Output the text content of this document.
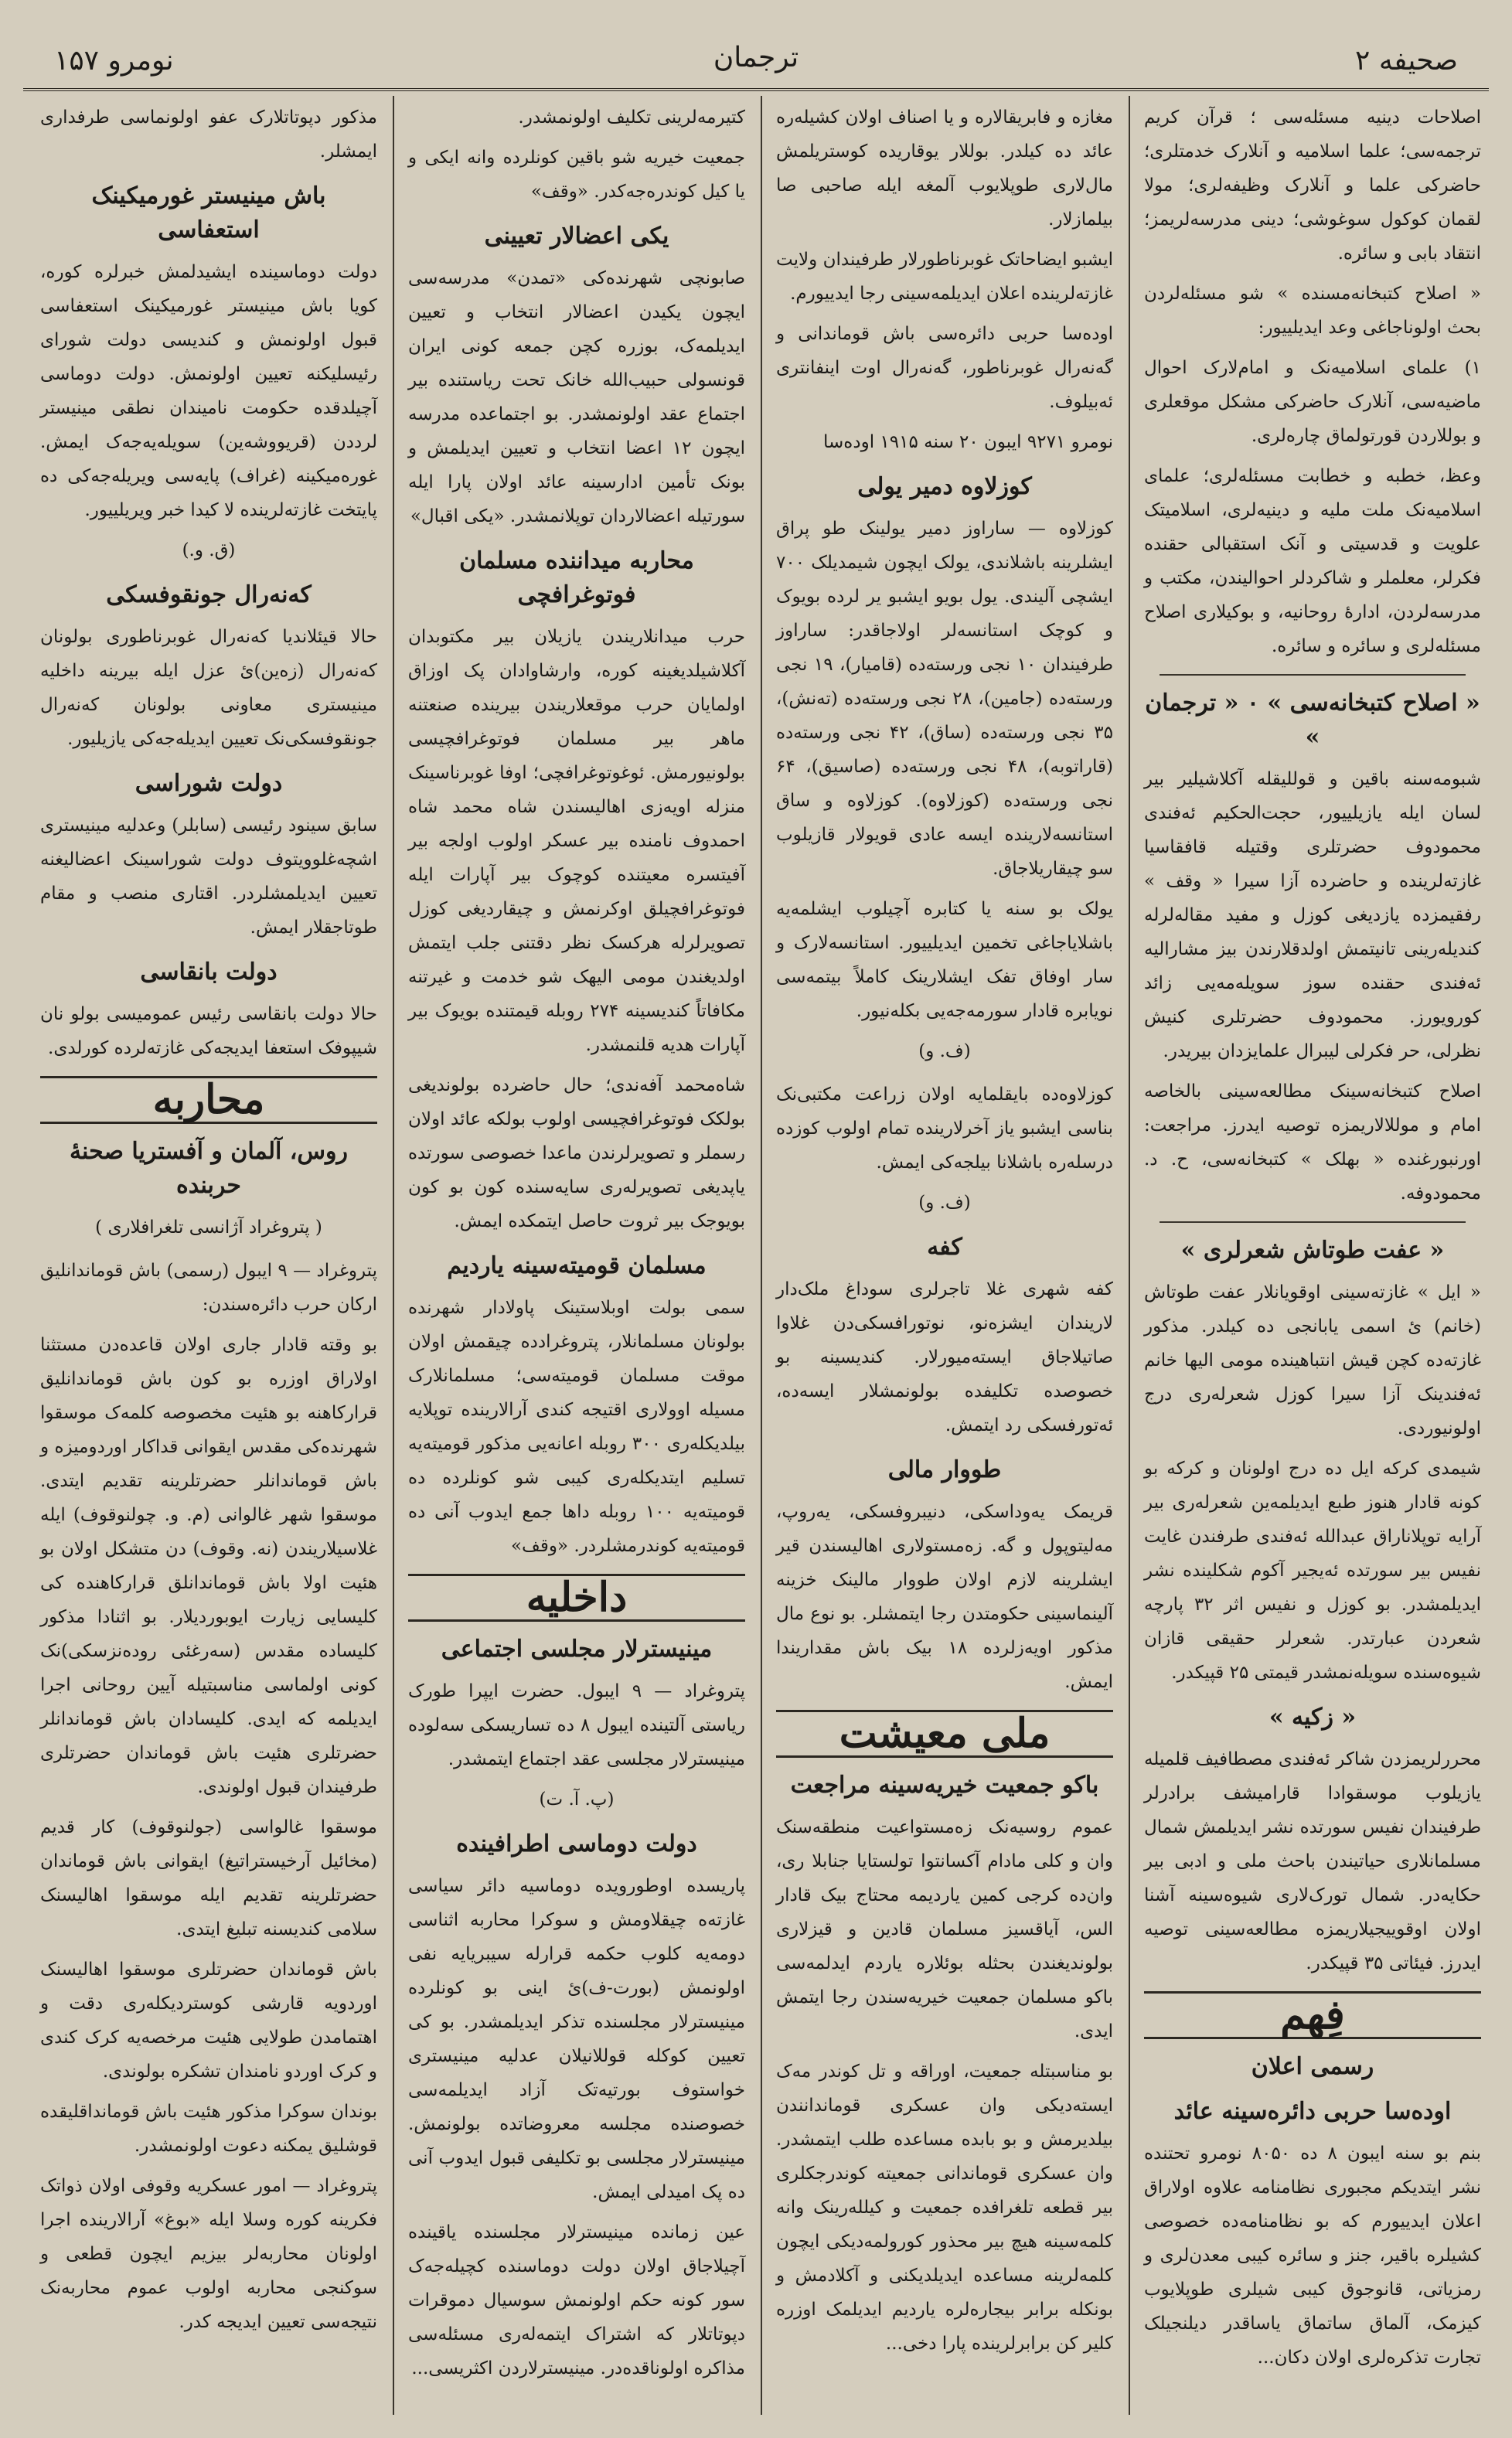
نومرو ۱۵۷	ترجمان	صحیفه ۲

اصلاحات دینیه مسئله‌سی ؛ قرآن کریم ترجمه‌سی؛ علما اسلامیه و آنلارک خدمتلری؛ حاضرکی علما و آنلارک وظیفه‌لری؛ مولا لقمان کوکول سوغوشی؛ دینی مدرسه‌لریمز؛ انتقاد بابی و سائره.

« اصلاح کتبخانه‌مسنده » شو مسئله‌لردن بحث اولوناجاغی وعد ایدیلییور:

۱) علمای اسلامیه‌نک و امام‌لارک احوال ماضیه‌سی، آنلارک حاضرکی مشکل موقعلری و بوللاردن قورتولماق چاره‌لری.

وعظ، خطبه و خطابت مسئله‌لری؛ علمای اسلامیه‌نک ملت ملیه و دینیه‌لری، اسلامیتک علویت و قدسیتی و آنک استقبالی حقنده فکرلر، معلملر و شاکردلر احوالیندن، مکتب و مدرسه‌لردن، ادارهٔ روحانیه، و بوکیلاری اصلاح مسئله‌لری و سائره و سائره.

« اصلاح کتبخانه‌سی » ۰ « ترجمان »

شبومه‌سنه باقین و قوللیقله آکلاشیلیر بیر لسان ایله یازیلییور، حجت‌الحکیم ئه‌فندی محمودوف حضرتلری وقتیله قافقاسیا غازته‌لرینده و حاضرده آزا سیرا « وقف » رفقیمزده یازدیغی کوزل و مفید مقاله‌لرله کندیله‌رینی تانیتمش اولدقلارندن بیز مشارالیه ئه‌فندی حقنده سوز سویله‌مه‌یی زائد کورویورز. محمودوف حضرتلری کنیش نظرلی، حر فکرلی لیبرال علمایزدان بیریدر.

اصلاح کتبخانه‌سینک مطالعه‌سینی بالخاصه امام و موللالاریمزه توصیه ایدرز. مراجعت: اورنبورغنده « بهلک » کتبخانه‌سی، ح. د. محمودوفه.

« عفت طوتاش شعرلری »

« ایل » غازته‌سینی اوقویانلار عفت طوتاش (خانم) ئ اسمی یابانجی ده کیلدر. مذکور غازته‌ده کچن قیش انتباهینده مومی الیها خانم ئه‌فندینک آزا سیرا کوزل شعرله‌ری درج اولونیوردی.

شیمدی کرکه ایل ده درج اولونان و کرکه بو کونه قادار هنوز طبع ایدیلمه‌ین شعرله‌ری بیر آرایه توپلاناراق عبدالله ئه‌فندی طرفندن غایت نفیس بیر سورتده ئه‌یجیر آکوم شکلینده نشر ایدیلمشدر. بو کوزل و نفیس اثر ۳۲ پارچه شعردن عبارتدر. شعرلر حقیقی قازان شیوه‌سنده سویله‌نمشدر قیمتی ۲۵ قپیکدر.

« زکیه »

محررلریمزدن شاکر ئه‌فندی مصطافیف قلمیله یازیلوب موسقوادا قارامیشف برادرلر طرفیندان نفیس سورتده نشر ایدیلمش شمال مسلمانلاری حیاتیندن باحث ملی و ادبی بیر حکایه‌در. شمال تورک‌لاری شیوه‌سینه آشنا اولان اوقوییجیلاریمزه مطالعه‌سینی توصیه ایدرز. فیئاتی ۳۵ قپیکدر.

فِهم
رسمی اعلان
اوده‌سا حربی دائره‌سینه عائد

بنم بو سنه ایبون ۸ ده ۸۰۵۰ نومرو تحتنده نشر ایتدیکم مجبوری نظامنامه علاوه اولاراق اعلان ایدییورم که بو نظامنامه‌ده خصوصی کشیلره باقیر، جنز و سائره کیبی معدن‌لری و رمزیاتی، قانوجوق کیبی شیلری طوپلایوب کیزمک، آلماق ساتماق یاساقدر دیلنجیلک تجارت تذکره‌لری اولان دکان...

مغازه و فابریقالاره و یا اصناف اولان کشیله‌ره عائد ده کیلدر. بوللار یوقاریده کوستریلمش مال‌لاری طوپلایوب آلمغه ایله صاحبی صا بیلمازلار.

ایشبو ایضاحاتک غوبرناطورلار طرفیندان ولایت غازته‌لرینده اعلان ایدیلمه‌سینی رجا ایدییورم.

اوده‌سا حربی دائره‌سی باش قوماندانی و گه‌نه‌رال غوبرناطور، گه‌نه‌رال اوت اینفانتری ئه‌بیلوف.

نومرو ۹۲۷۱ ایبون ۲۰ سنه ۱۹۱۵ اوده‌سا

کوزلاوه دمیر یولی

کوزلاوه — ساراوز دمیر یولینک طو پراق ایشلرینه باشلاندی، یولک ایچون شیمدیلک ۷۰۰ ایشچی آلیندی. یول بویو ایشبو یر لرده بویوک و کوچک استانسه‌لر اولاجاقدر: ساراوز طرفیندان ۱۰ نجی ورسته‌ده (قامیار)، ۱۹ نجی ورسته‌ده (جامین)، ۲۸ نجی ورسته‌ده (ته‌نش)، ۳۵ نجی ورسته‌ده (ساق)، ۴۲ نجی ورسته‌ده (قاراتوبه)، ۴۸ نجی ورسته‌ده (صاسیق)، ۶۴ نجی ورسته‌ده (کوزلاوه). کوزلاوه و ساق استانسه‌لارینده ایسه عادی قویولار قازیلوب سو چیقاریلاجاق.

یولک بو سنه یا کتابره آچیلوب ایشلمه‌یه باشلایاجاغی تخمین ایدیلییور. استانسه‌لارک و سار اوفاق تفک ایشلارینک کاملاً بیتمه‌سی نویابره قادار سورمه‌جه‌یی بکله‌نیور.

(ف. و)

کوزلاوه‌ده بایقلمایه اولان زراعت مکتبی‌نک بناسی ایشبو یاز آخرلارینده تمام اولوب کوزده درسله‌ره باشلانا بیلجه‌کی ایمش.

(ف. و)
کفه

کفه شهری غلا تاجرلری سوداغ ملک‌دار لاریندان ایشزه‌نو، نوتورافسکی‌دن غلاوا صاتیلاجاق ایسته‌میورلار. کندیسینه بو خصوصده تکلیفده بولونمشلار ایسه‌ده، ئه‌تورفسکی رد ایتمش.

طووار مالی

قریمک یه‌وداسکی، دنیبروفسکی، یه‌روپ، مه‌لیتوپول و گه. زه‌مستولاری اهالیسندن قیر ایشلرینه لازم اولان طووار مالینک خزینه آلینماسینی حکومتدن رجا ایتمشلر. بو نوع مال مذکور اویه‌زلرده ۱۸ بیک باش مقداریندا ایمش.

ملی معیشت
باکو جمعیت خیریه‌سینه مراجعت

عموم روسیه‌نک زه‌مستواعیت منطقه‌سنک وان و کلی مادام آکسانتوا تولستایا جنابلا ری، وان‌ده کرجی کمین یاردیمه محتاج بیک قادار الس، آیاقسیز مسلمان قادین و قیزلاری بولوندیغندن بحثله بوئلاره یاردم ایدلمه‌سی باکو مسلمان جمعیت خیریه‌سندن رجا ایتمش ایدی.

بو مناسبتله جمعیت، اوراقه و تل کوندر مه‌ک ایسته‌دیکی وان عسکری قوماندانندن بیلدیرمش و بو بابده مساعده طلب ایتمشدر. وان عسکری قوماندانی جمعیته کوندرجکلری بیر قطعه تلغرافده جمعیت و کیلله‌رینک وانه کلمه‌سینه هیچ بیر محذور کورولمه‌دیکی ایچون کلمه‌لرینه مساعده ایدیلدیکنی و آکلادمش و بونکله برابر بیجاره‌لره یاردیم ایدیلمک اوزره کلیر کن برابرلرینده پارا دخی...

کتیرمه‌لرینی تکلیف اولونمشدر.

جمعیت خیریه شو باقین کونلرده وانه ایکی و یا کیل کوندره‌جه‌کدر. «وقف»

یکی اعضالار تعیینی

صابونچی شهرنده‌کی «تمدن» مدرسه‌سی ایچون یکیدن اعضالار انتخاب و تعیین ایدیلمه‌ک، بوزره کچن جمعه کونی ایران قونسولی حبیب‌الله خانک تحت ریاستنده بیر اجتماع عقد اولونمشدر. بو اجتماعده مدرسه ایچون ۱۲ اعضا انتخاب و تعیین ایدیلمش و بونک تأمین ادارسینه عائد اولان پارا ایله سورتیله اعضالاردان توپلانمشدر. «یکی اقبال»

محاربه میداننده مسلمان فوتوغرافچی

حرب میدانلاریندن یازیلان بیر مکتوبدان آکلاشیلدیغینه کوره، وارشاوادان پک اوزاق اولمایان حرب موقعلاریندن بیرینده صنعتنه ماهر بیر مسلمان فوتوغرافچیسی بولونیورمش. ئوغوتوغرافچی؛ اوفا غوبرناسینک منزله اویه‌زی اهالیسندن شاه محمد شاه احمدوف نامنده بیر عسکر اولوب اولجه بیر آفیتسره معیتنده کوچوک بیر آپارات ایله فوتوغرافچیلق اوکرنمش و چیقاردیغی کوزل تصویرلرله هرکسک نظر دقتنی جلب ایتمش اولدیغندن مومی الیهک شو خدمت و غیرتنه مکافاتاً کندیسینه ۲۷۴ روبله قیمتنده بویوک بیر آپارات هدیه قلنمشدر.

شاه‌محمد آفه‌ندی؛ حال حاضرده بولوندیغی بولکک فوتوغرافچیسی اولوب بولکه عائد اولان رسملر و تصویرلرندن ماعدا خصوصی سورتده یاپدیغی تصویرله‌ری سایه‌سنده کون بو کون بویوجک بیر ثروت حاصل ایتمکده ایمش.

مسلمان قومیته‌سینه یاردیم

سمی بولت اوبلاستینک پاولادار شهرنده بولونان مسلمانلار، پتروغرادده چیقمش اولان موقت مسلمان قومیته‌سی؛ مسلمانلارک مسیله اوولاری اقتیجه کندی آرالارینده توپلایه بیلدیکله‌ری ۳۰۰ روبله اعانه‌یی مذکور قومیته‌یه تسلیم ایتدیکله‌ری کیبی شو کونلرده ده قومیته‌یه ۱۰۰ روبله داها جمع ایدوب آنی ده قومیته‌یه کوندرمشلردر. «وقف»

داخلیه
مینیسترلار مجلسی اجتماعی

پتروغراد — ۹ ایبول. حضرت ایپرا طورک ریاستی آلتینده ایبول ۸ ده تساریسکی سه‌لوده مینیسترلار مجلسی عقد اجتماع ایتمشدر.

(پ. آ. ت)
دولت دوماسی اطرافینده

پاریسده اوطورویده دوماسیه دائر سیاسی غازته‌ه چیقلاومش و سوکرا محاربه اثناسی دومه‌یه کلوب حکمه قرارله سیبریایه نفی اولونمش (بورت-ف)ئ اینی بو کونلرده مینیسترلار مجلسنده تذکر ایدیلمشدر. بو کی تعیین کوکله قوللانیلان عدلیه مینیستری خواستوف بورتیه‌تک آزاد ایدیلمه‌سی خصوصنده مجلسه معروضاتده بولونمش. مینیسترلار مجلسی بو تکلیفی قبول ایدوب آنی ده پک امیدلی ایمش.

عین زمانده مینیسترلار مجلسنده یاقینده آچیلاجاق اولان دولت دوماسنده کچیله‌جه‌ک سور کونه حکم اولونمش سوسیال دموقرات دپوتاتلار که اشتراک ایتمه‌له‌ری مسئله‌سی مذاکره اولوناقده‌در. مینیسترلاردن اکثریسی...

مذکور دپوتاتلارک عفو اولونماسی طرفداری ایمشلر.

باش مینیستر غورمیکینک استعفاسی

دولت دوماسینده ایشیدلمش خبرلره کوره، کویا باش مینیستر غورمیکینک استعفاسی قبول اولونمش و کندیسی دولت شورای رئیسلیکنه تعیین اولونمش. دولت دوماسی آچیلدقده حکومت نامیندان نطقی مینیستر لرددن (قریووشه‌ین) سویله‌یه‌جه‌ک ایمش. غوره‌میکینه (غراف) پایه‌سی ویریله‌جه‌کی ده پایتخت غازته‌لرینده لا کیدا خبر ویریلییور.

(ق. و.)
که‌نه‌رال جونقوفسکی

حالا قیئلاندیا که‌نه‌رال غوبرناطوری بولونان که‌نه‌رال (زه‌ین)ئ عزل ایله بیرینه داخلیه مینیستری معاونی بولونان که‌نه‌رال جونقوفسکی‌نک تعیین ایدیله‌جه‌کی یازیلیور.

دولت شوراسی

سابق سینود رئیسی (سابلر) وعدلیه مینیستری اشچه‌غلوویتوف دولت شوراسینک اعضا‌لیغنه تعیین ایدیلمشلردر. اقتاری منصب و مقام طوتاجقلار ایمش.

دولت بانقاسی

حالا دولت بانقاسی رئیس عمومیسی بولو نان شیپوفک استعفا ایدیجه‌کی غازته‌لرده کورلدی.

محاربه
روس، آلمان و آفستریا صحنهٔ حربنده
( پتروغراد آژانسی تلغرافلاری )

پتروغراد — ۹ ایبول (رسمی) باش قوماندانلیق ارکان حرب دائره‌سندن:

بو وقته قادار جاری اولان قاعده‌دن مستثنا اولاراق اوزره بو کون باش قوماندانلیق قرارکاهنه بو هئیت مخصوصه کلمه‌ک موسقوا شهرنده‌کی مقدس ایقوانی قداکار اوردومیزه و باش قوماندانلر حضرتلرینه تقدیم ایتدی. موسقوا شهر غالوانی (م. و. چولنوقوف) ایله غلاسیلاریندن (نه. وقوف) دن متشکل اولان بو هئیت اولا باش قوماندانلق قرارکاهنده کی کلیسایی زیارت ایوبوردیلار. بو اثنادا مذکور کلیساده مقدس (سه‌رغئی روده‌نزسکی)نک کونی اولماسی مناسبتیله آیین روحانی اجرا ایدیلمه که ایدی. کلیسادان باش قوماندانلر حضرتلری هئیت باش قوماندان حضرتلری طرفیندان قبول اولوندی.

موسقوا غالواسی (جولنوقوف) کار قدیم (مخائیل آرخیستراتیغ) ایقوانی باش قوماندان حضرتلرینه تقدیم ایله موسقوا اهالیسنک سلامی کندیسنه تبلیغ ایتدی.

باش قوماندان حضرتلری موسقوا اهالیسنک اوردویه قارشی کوستردیکله‌ری دقت و اهتمامدن طولایی هئیت مرخصه‌یه کرک کندی و کرک اوردو نامندان تشکره بولوندی.

بوندان سوکرا مذکور هئیت باش قومانداقلیقده قوشلیق یمکنه دعوت اولونمشدر.

پتروغراد — امور عسکریه وقوفی اولان ذواتک فکرینه کوره وسلا ایله «بوغ» آرالارینده اجرا اولونان محاربه‌لر بیزیم ایچون قطعی و سوکنجی محاربه اولوب عموم محاربه‌نک نتیجه‌سی تعیین ایدیجه کدر.
